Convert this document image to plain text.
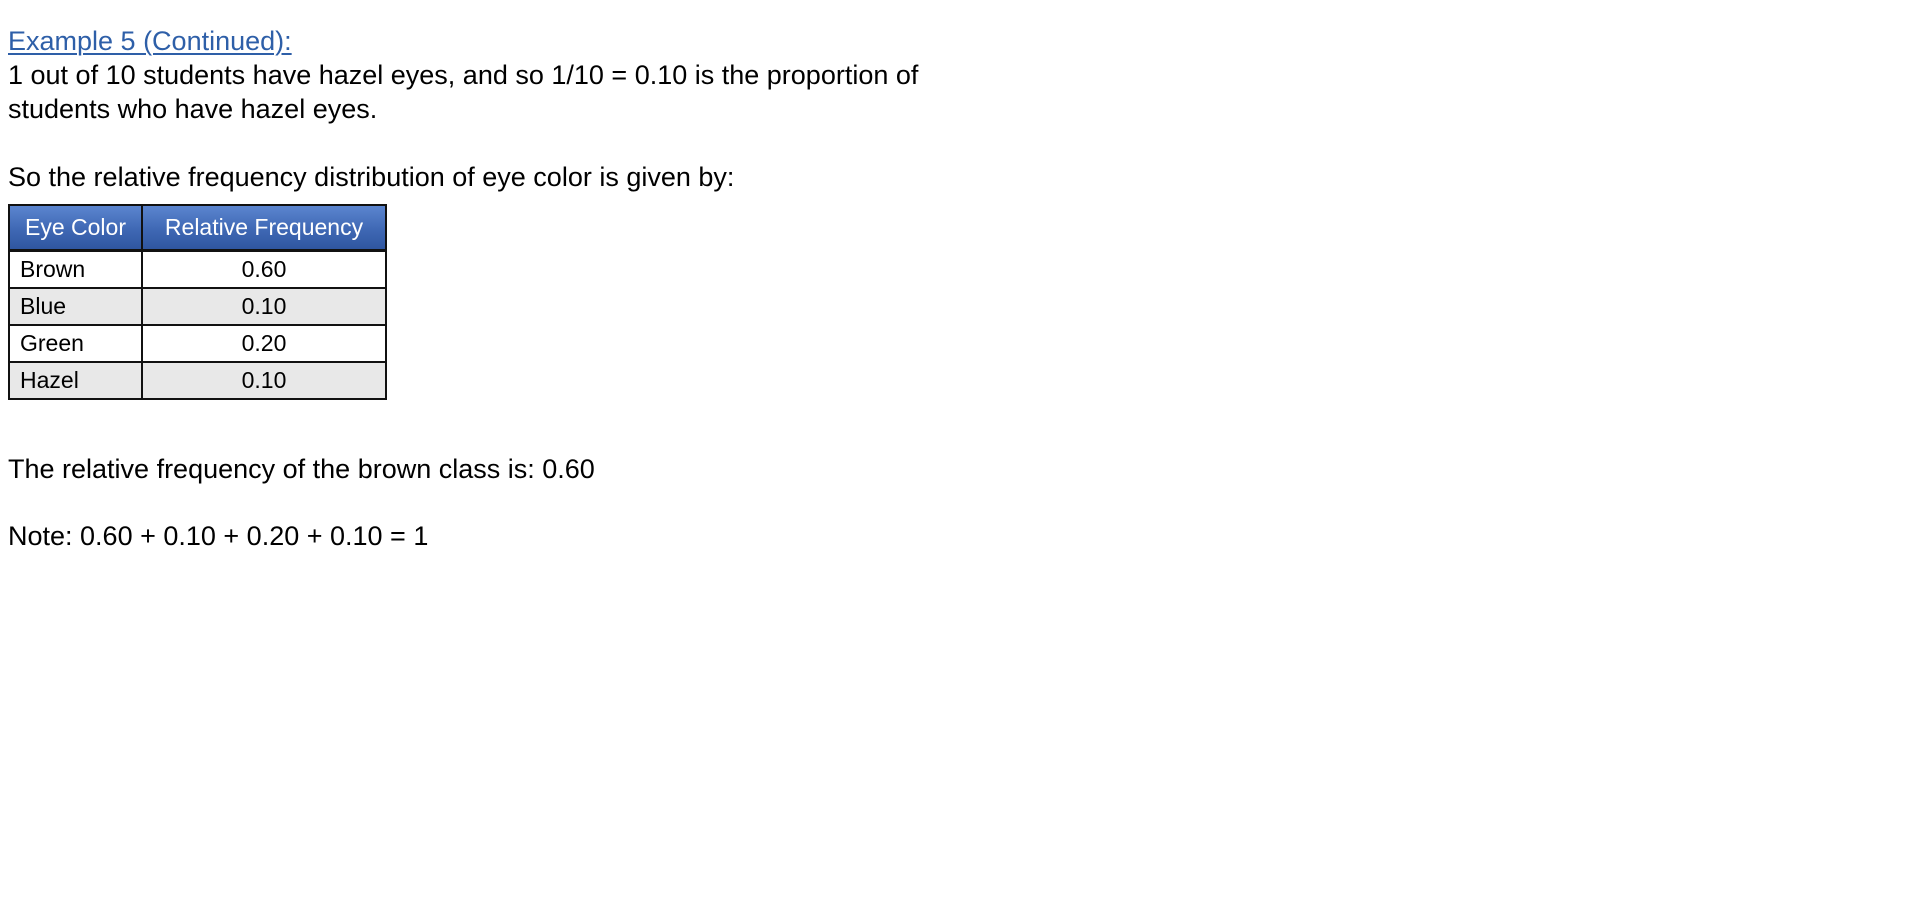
Example 5 (Continued):

1 out of 10 students have hazel eyes, and so 1/10 = 0.10 is the proportion of students who have hazel eyes.

So the relative frequency distribution of eye color is given by:

Eye Color	Relative Frequency
Brown	0.60
Blue	0.10
Green	0.20
Hazel	0.10

The relative frequency of the brown class is: 0.60

Note: 0.60 + 0.10 + 0.20 + 0.10 = 1
